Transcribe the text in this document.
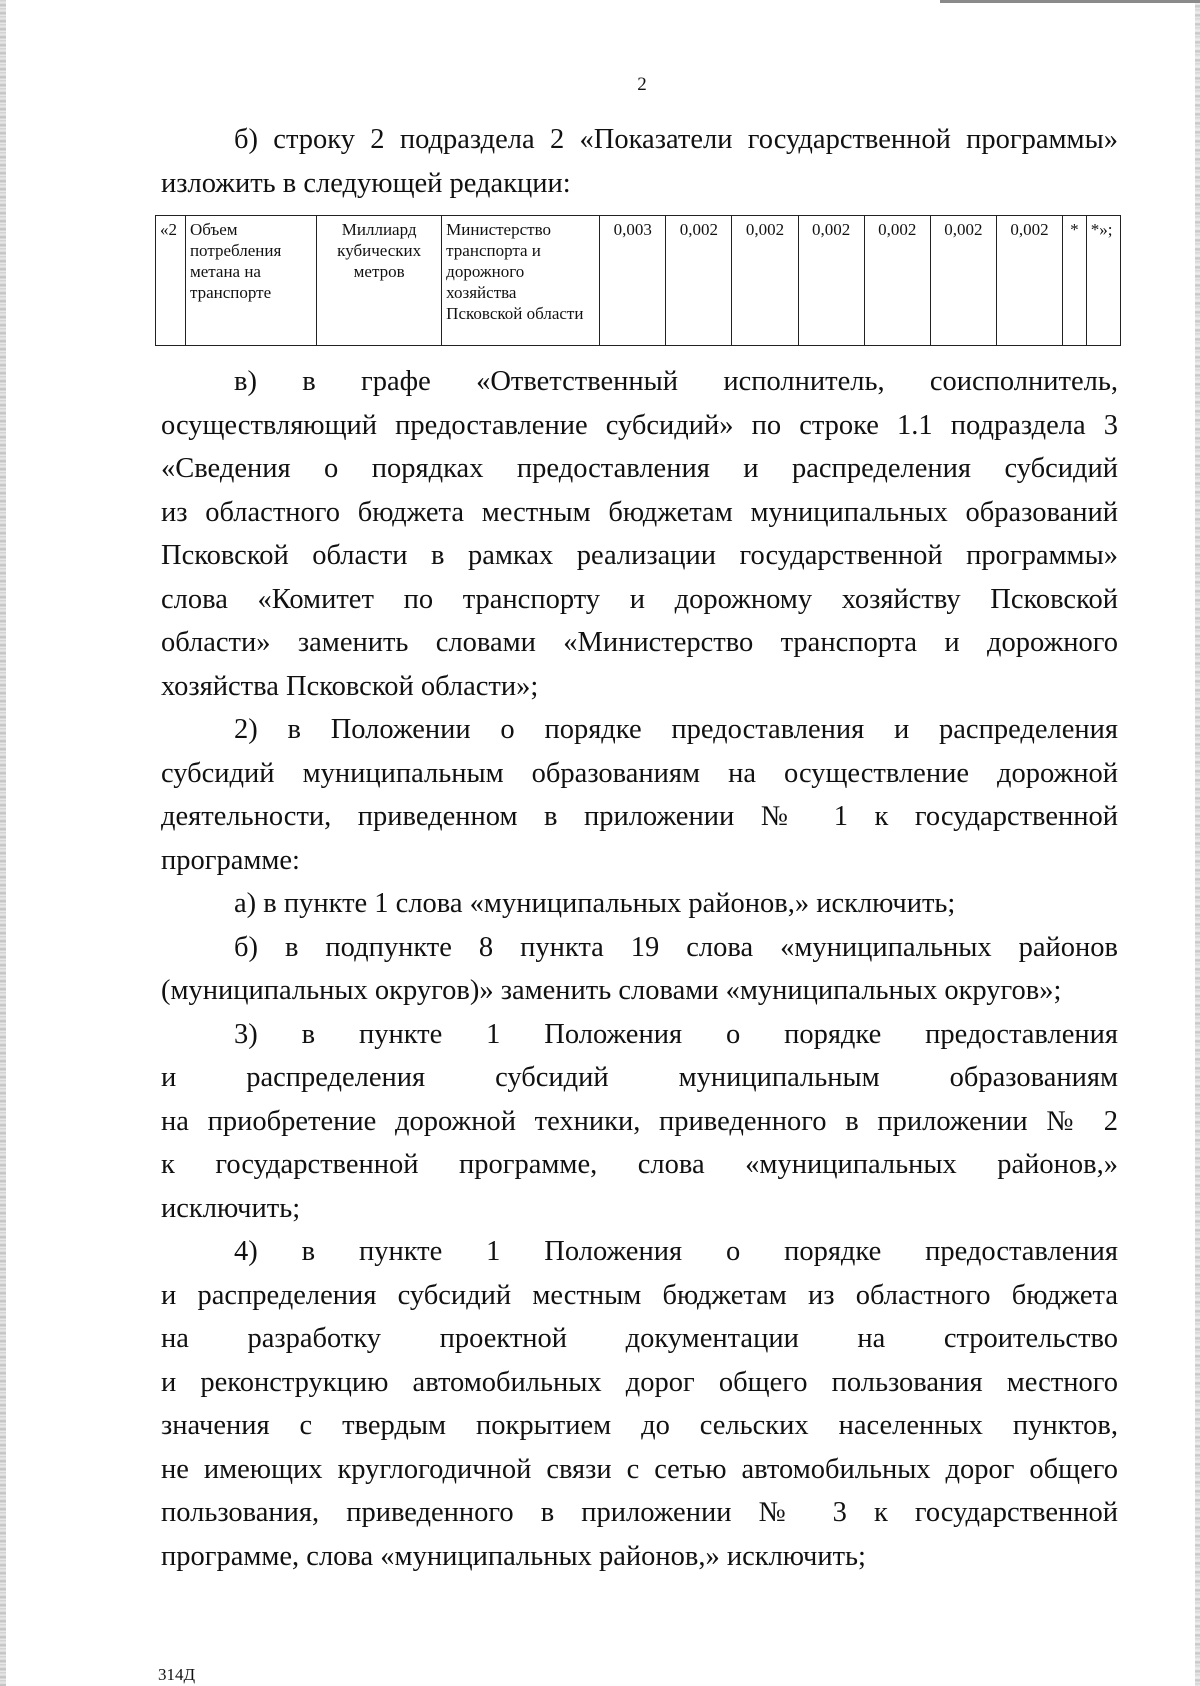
2
б) строку 2 подраздела 2 «Показатели государственной программы»
изложить в следующей редакции:
«2	Объем потребления метана на транспорте	Миллиард кубических метров	Министерство транспорта и дорожного хозяйства Псковской области	0,003	0,002	0,002	0,002	0,002	0,002	0,002	*	*»;
в) в графе «Ответственный исполнитель, соисполнитель,
осуществляющий предоставление субсидий» по строке 1.1 подраздела 3
«Сведения о порядках предоставления и распределения субсидий
из областного бюджета местным бюджетам муниципальных образований
Псковской области в рамках реализации государственной программы»
слова «Комитет по транспорту и дорожному хозяйству Псковской
области» заменить словами «Министерство транспорта и дорожного
хозяйства Псковской области»;
2) в Положении о порядке предоставления и распределения
субсидий муниципальным образованиям на осуществление дорожной
деятельности, приведенном в приложении № 1 к государственной
программе:
а) в пункте 1 слова «муниципальных районов,» исключить;
б) в подпункте 8 пункта 19 слова «муниципальных районов
(муниципальных округов)» заменить словами «муниципальных округов»;
3) в пункте 1 Положения о порядке предоставления
и распределения субсидий муниципальным образованиям
на приобретение дорожной техники, приведенного в приложении № 2
к государственной программе, слова «муниципальных районов,»
исключить;
4) в пункте 1 Положения о порядке предоставления
и распределения субсидий местным бюджетам из областного бюджета
на разработку проектной документации на строительство
и реконструкцию автомобильных дорог общего пользования местного
значения с твердым покрытием до сельских населенных пунктов,
не имеющих круглогодичной связи с сетью автомобильных дорог общего
пользования, приведенного в приложении № 3 к государственной
программе, слова «муниципальных районов,» исключить;
314Д
